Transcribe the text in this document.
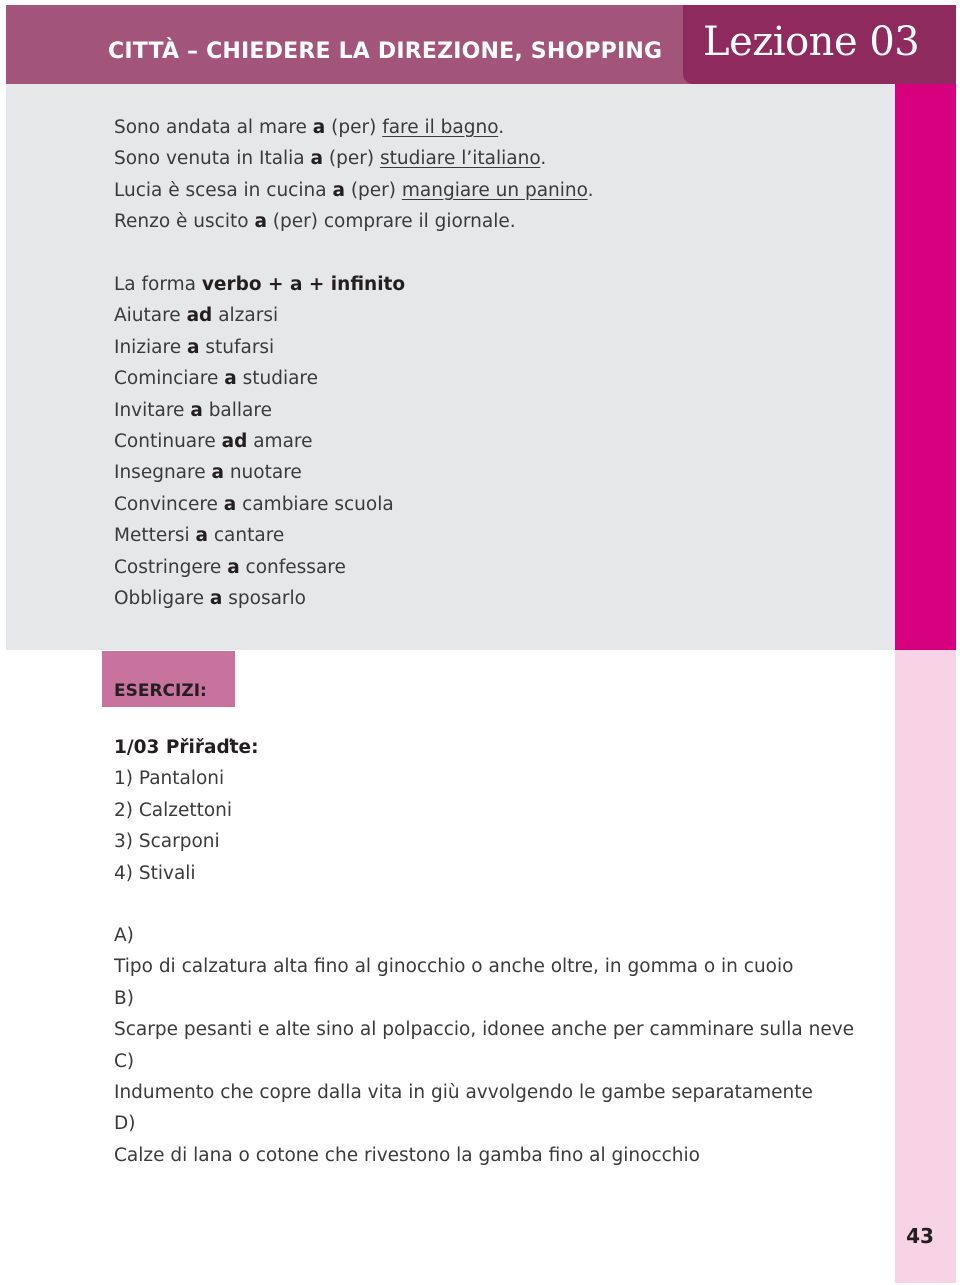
CITTÀ – CHIEDERE LA DIREZIONE, SHOPPING Lezione 03
Sono andata al mare a (per) fare il bagno.
Sono venuta in Italia a (per) studiare l’italiano.
Lucia è scesa in cucina a (per) mangiare un panino.
Renzo è uscito a (per) comprare il giornale.
La forma verbo + a + infinito
Aiutare ad alzarsi
Iniziare a stufarsi
Cominciare a studiare
Invitare a ballare
Continuare ad amare
Insegnare a nuotare
Convincere a cambiare scuola
Mettersi a cantare
Costringere a confessare
Obbligare a sposarlo
ESERCIZI:
1/03 Přiřaďte:
1) Pantaloni
2) Calzettoni
3) Scarponi
4) Stivali
A)
Tipo di calzatura alta fino al ginocchio o anche oltre, in gomma o in cuoio
B)
Scarpe pesanti e alte sino al polpaccio, idonee anche per camminare sulla neve
C)
Indumento che copre dalla vita in giù avvolgendo le gambe separatamente
D)
Calze di lana o cotone che rivestono la gamba fino al ginocchio
43
